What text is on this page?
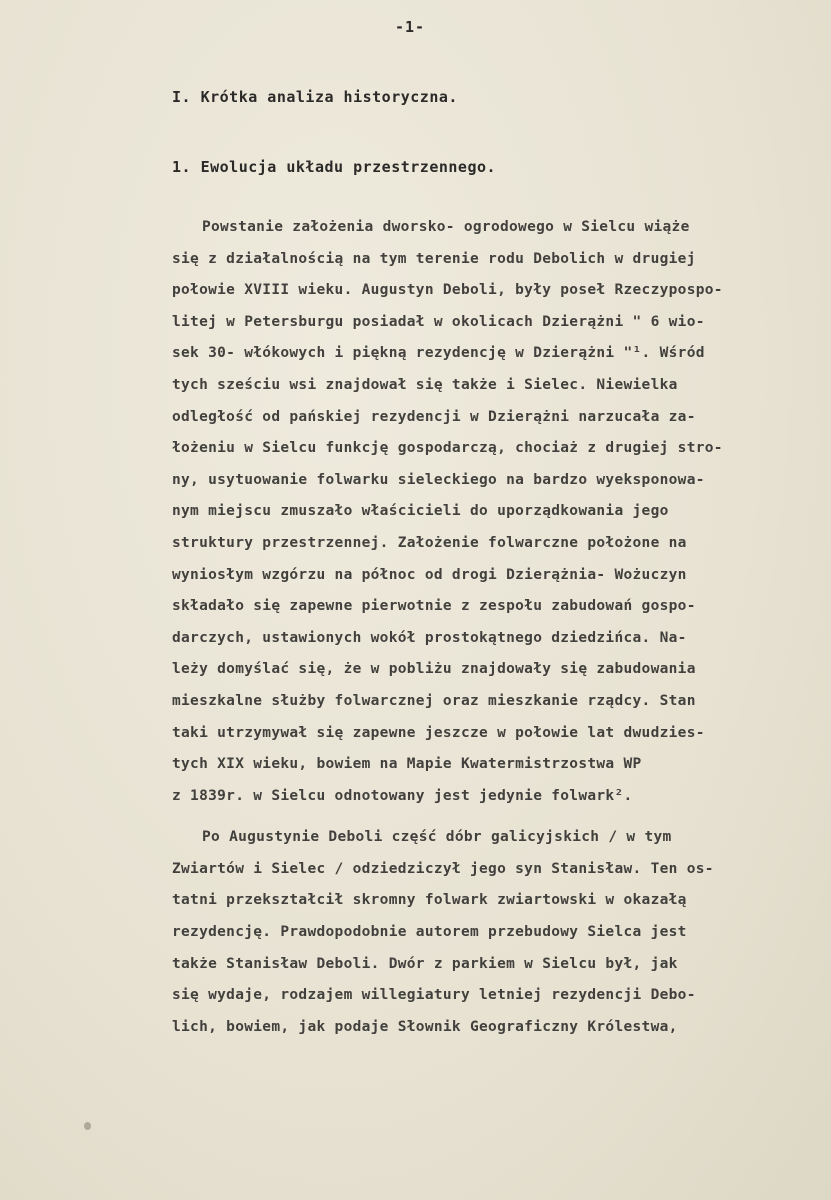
-1-
I. Krótka analiza historyczna.
1. Ewolucja układu przestrzennego.
Powstanie założenia dworsko- ogrodowego w Sielcu wiąże
się z działalnością na tym terenie rodu Debolich w drugiej
połowie XVIII wieku. Augustyn Deboli, były poseł Rzeczypospo-
litej w Petersburgu posiadał w okolicach Dzierążni " 6 wio-
sek 30- włókowych i piękną rezydencję w Dzierążni "¹. Wśród
tych sześciu wsi znajdował się także i Sielec. Niewielka
odległość od pańskiej rezydencji w Dzierążni narzucała za-
łożeniu w Sielcu funkcję gospodarczą, chociaż z drugiej stro-
ny, usytuowanie folwarku sieleckiego na bardzo wyeksponowa-
nym miejscu zmuszało właścicieli do uporządkowania jego
struktury przestrzennej. Założenie folwarczne położone na
wyniosłym wzgórzu na północ od drogi Dzierążnia- Wożuczyn
składało się zapewne pierwotnie z zespołu zabudowań gospo-
darczych, ustawionych wokół prostokątnego dziedzińca. Na-
leży domyślać się, że w pobliżu znajdowały się zabudowania
mieszkalne służby folwarcznej oraz mieszkanie rządcy. Stan
taki utrzymywał się zapewne jeszcze w połowie lat dwudzies-
tych XIX wieku, bowiem na Mapie Kwatermistrzostwa WP
z 1839r. w Sielcu odnotowany jest jedynie folwark².
Po Augustynie Deboli część dóbr galicyjskich / w tym
Zwiartów i Sielec / odziedziczył jego syn Stanisław. Ten os-
tatni przekształcił skromny folwark zwiartowski w okazałą
rezydencję. Prawdopodobnie autorem przebudowy Sielca jest
także Stanisław Deboli. Dwór z parkiem w Sielcu był, jak
się wydaje, rodzajem willegiatury letniej rezydencji Debo-
lich, bowiem, jak podaje Słownik Geograficzny Królestwa,
